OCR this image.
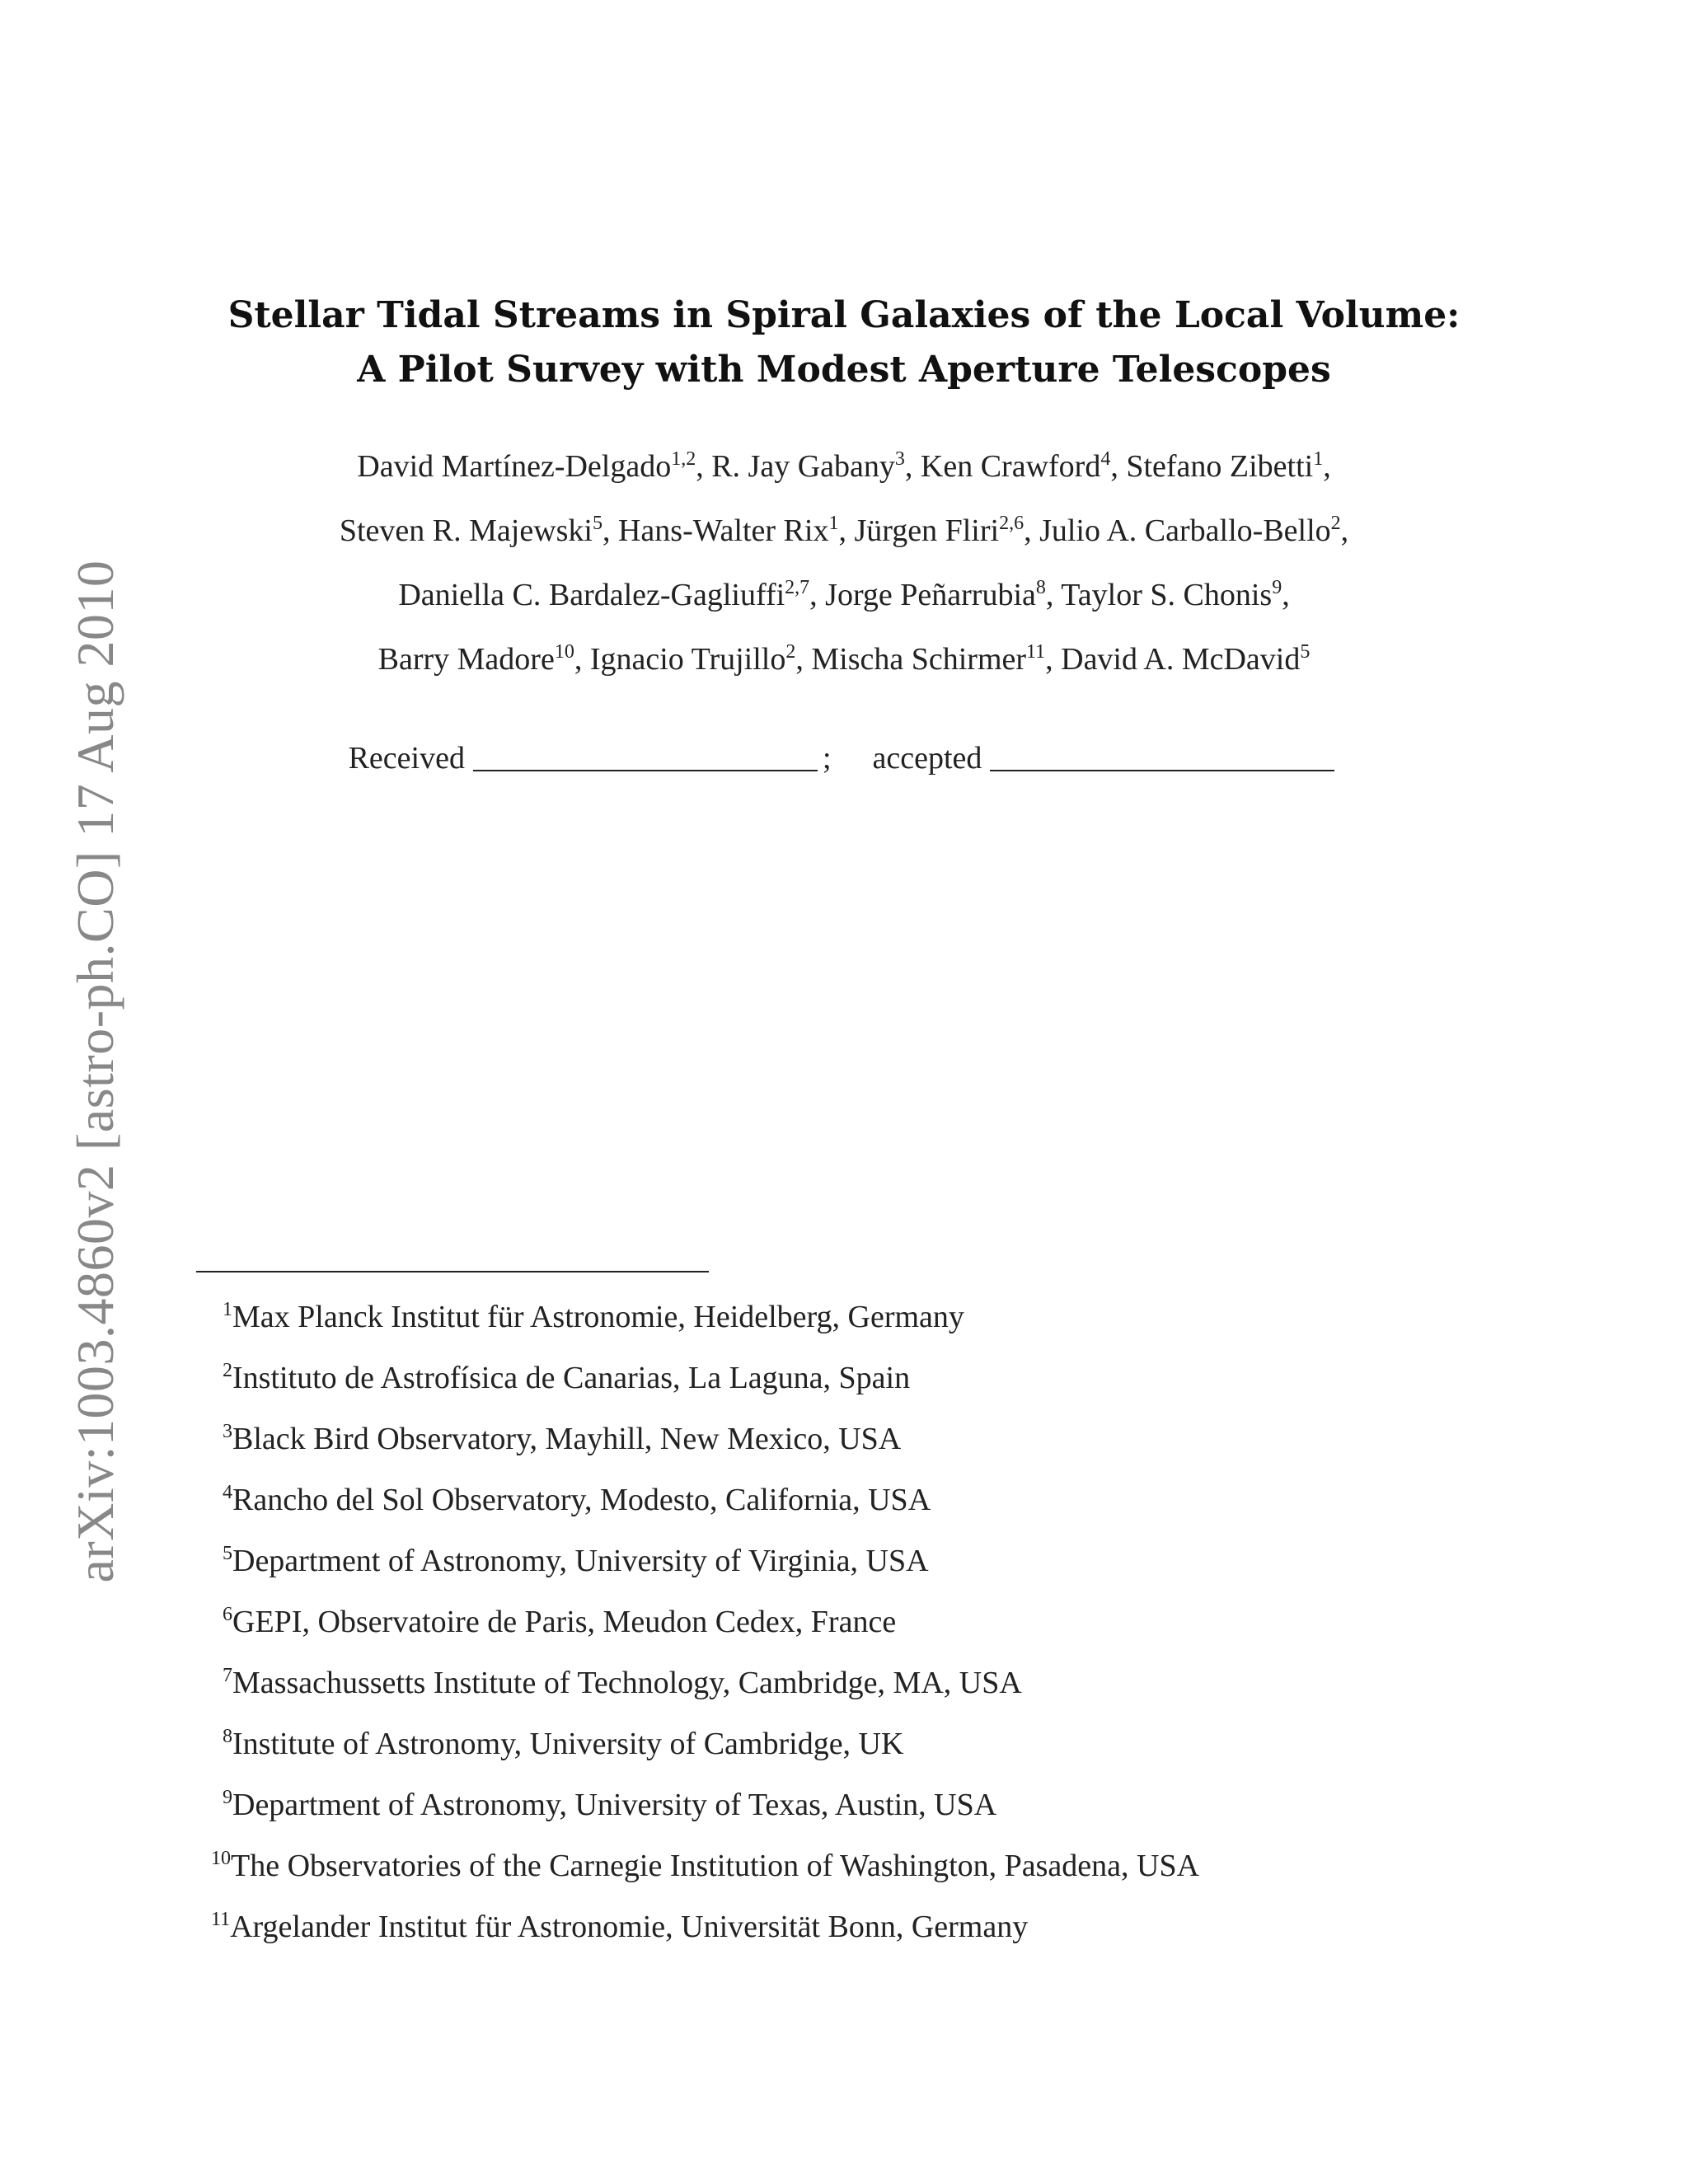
arXiv:1003.4860v2 [astro-ph.CO] 17 Aug 2010
Stellar Tidal Streams in Spiral Galaxies of the Local Volume:
A Pilot Survey with Modest Aperture Telescopes
David Martínez-Delgado$^{1,2}$, R. Jay Gabany$^3$, Ken Crawford$^4$, Stefano Zibetti$^1$,
Steven R. Majewski$^5$, Hans-Walter Rix$^1$, Jürgen Fliri$^{2,6}$, Julio A. Carballo-Bello$^2$,
Daniella C. Bardalez-Gagliuffi$^{2,7}$, Jorge Peñarrubia$^8$, Taylor S. Chonis$^9$,
Barry Madore$^{10}$, Ignacio Trujillo$^2$, Mischa Schirmer$^{11}$, David A. McDavid$^5$
Received	; accepted
$^1$Max Planck Institut für Astronomie, Heidelberg, Germany
$^2$Instituto de Astrofísica de Canarias, La Laguna, Spain
$^3$Black Bird Observatory, Mayhill, New Mexico, USA
$^4$Rancho del Sol Observatory, Modesto, California, USA
$^5$Department of Astronomy, University of Virginia, USA
$^6$GEPI, Observatoire de Paris, Meudon Cedex, France
$^7$Massachussetts Institute of Technology, Cambridge, MA, USA
$^8$Institute of Astronomy, University of Cambridge, UK
$^9$Department of Astronomy, University of Texas, Austin, USA
$^{10}$The Observatories of the Carnegie Institution of Washington, Pasadena, USA
$^{11}$Argelander Institut für Astronomie, Universität Bonn, Germany
